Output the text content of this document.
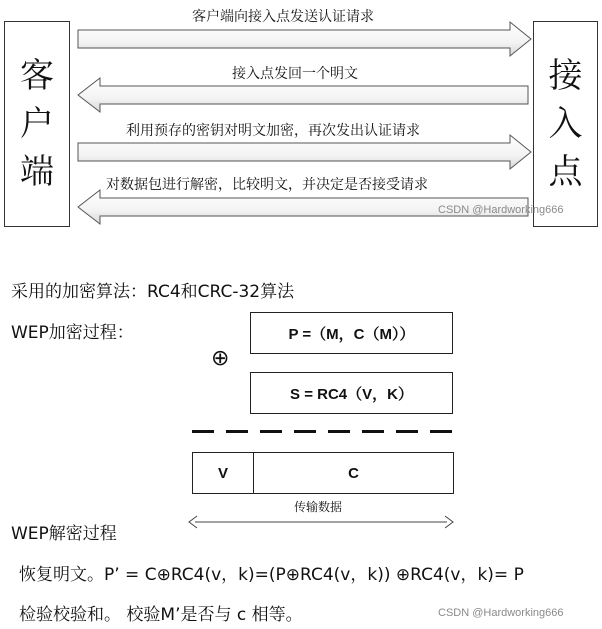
客
户
端
接
入
点
客户端向接入点发送认证请求
接入点发回一个明文
利用预存的密钥对明文加密，再次发出认证请求
对数据包进行解密，比较明文，并决定是否接受请求
CSDN @Hardworking666
采用的加密算法：RC4和CRC-32算法
WEP加密过程：	P =（M，C（M））
⊕
S = RC4（V，K）
V	C
传输数据
WEP解密过程
恢复明文。P’ = C⊕RC4(v，k)=(P⊕RC4(v，k)) ⊕RC4(v，k)= P
检验校验和。 校验M’是否与 c 相等。	CSDN @Hardworking666
